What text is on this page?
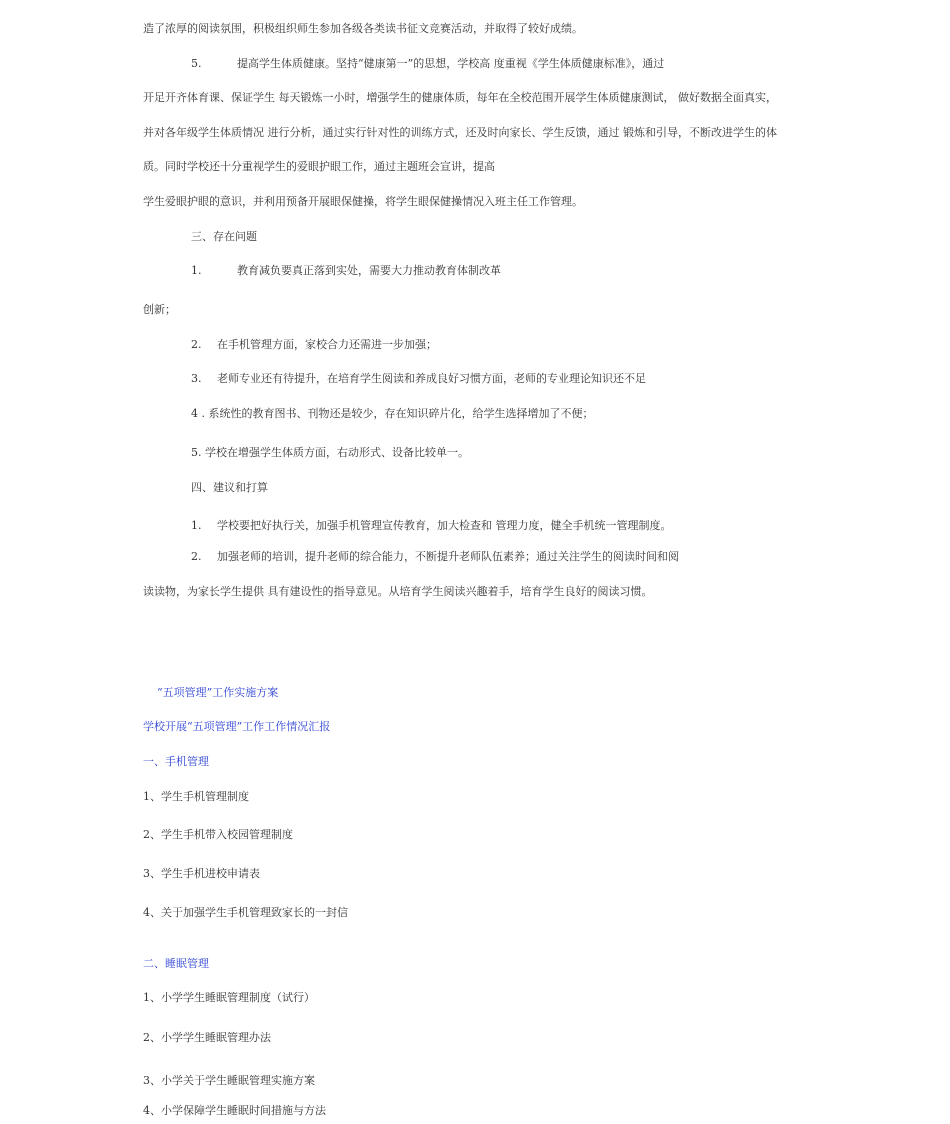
造了浓厚的阅读氛围，积极组织师生参加各级各类读书征文竞赛活动，并取得了较好成绩。

5.	提高学生体质健康。坚持“健康第一”的思想，学校高 度重视《学生体质健康标准》，通过

开足开齐体育课、保证学生 每天锻炼一小时，增强学生的健康体质，每年在全校范围开展学生体质健康测试， 做好数据全面真实，

并对各年级学生体质情况 进行分析，通过实行针对性的训练方式，还及时向家长、学生反馈，通过 锻炼和引导，不断改进学生的体

质。同时学校还十分重视学生的爱眼护眼工作，通过主题班会宣讲，提高

学生爱眼护眼的意识，并利用预备开展眼保健操，将学生眼保健操情况入班主任工作管理。

三、存在问题

1.	教育减负要真正落到实处，需要大力推动教育体制改革

创新；

2. 在手机管理方面，家校合力还需进一步加强；

3. 老师专业还有待提升，在培育学生阅读和养成良好习惯方面，老师的专业理论知识还不足

4 . 系统性的教育图书、刊物还是较少，存在知识碎片化，给学生选择增加了不便；

5. 学校在增强学生体质方面，右动形式、设备比较单一。

四、建议和打算

1. 学校要把好执行关，加强手机管理宣传教育，加大检查和 管理力度，健全手机统一管理制度。

2. 加强老师的培训，提升老师的综合能力，不断提升老师队伍素养；通过关注学生的阅读时间和阅

读读物，为家长学生提供 具有建设性的指导意见。从培育学生阅读兴趣着手，培育学生良好的阅读习惯。

“五项管理”工作实施方案

学校开展“五项管理”工作工作情况汇报

一、手机管理

1、学生手机管理制度

2、学生手机带入校园管理制度

3、学生手机进校申请表

4、关于加强学生手机管理致家长的一封信

二、睡眠管理

1、小学学生睡眠管理制度（试行）

2、小学学生睡眠管理办法

3、小学关于学生睡眠管理实施方案

4、小学保障学生睡眠时间措施与方法
